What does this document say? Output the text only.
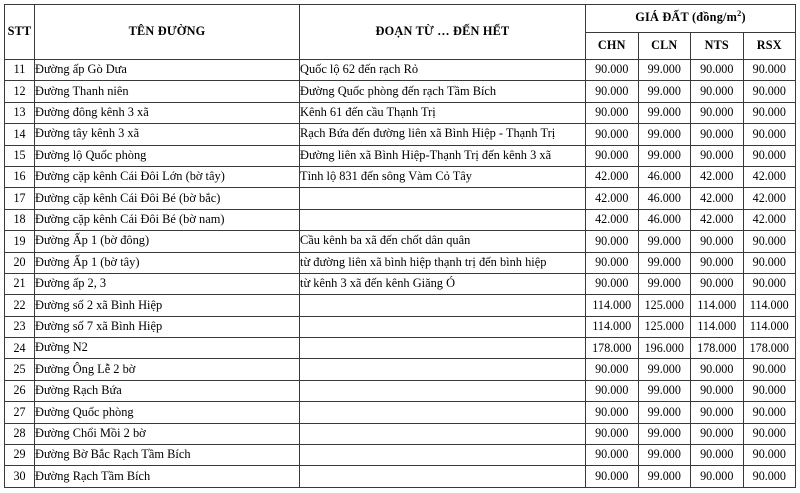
STT	TÊN ĐƯỜNG	ĐOẠN TỪ … ĐẾN HẾT	GIÁ ĐẤT $(đồng/m^2)$			
			CHN	CLN	NTS	RSX
11	Đường ấp Gò Dưa	Quốc lộ 62 đến rạch Rỏ	90.000	99.000	90.000	90.000
12	Đường Thanh niên	Đường Quốc phòng đến rạch Tầm Bích	90.000	99.000	90.000	90.000
13	Đường đông kênh 3 xã	Kênh 61 đến cầu Thạnh Trị	90.000	99.000	90.000	90.000
14	Đường tây kênh 3 xã	Rạch Bứa đến đường liên xã Bình Hiệp - Thạnh Trị	90.000	99.000	90.000	90.000
15	Đường lộ Quốc phòng	Đường liên xã Bình Hiệp-Thạnh Trị đến kênh 3 xã	90.000	99.000	90.000	90.000
16	Đường cặp kênh Cái Đôi Lớn (bờ tây)	Tỉnh lộ 831 đến sông Vàm Cỏ Tây	42.000	46.000	42.000	42.000
17	Đường cặp kênh Cái Đôi Bé (bờ bắc)		42.000	46.000	42.000	42.000
18	Đường cặp kênh Cái Đôi Bé (bờ nam)		42.000	46.000	42.000	42.000
19	Đường Ấp 1 (bờ đông)	Cầu kênh ba xã đến chốt dân quân	90.000	99.000	90.000	90.000
20	Đường Ấp 1 (bờ tây)	từ đường liên xã bình hiệp thạnh trị đến bình hiệp	90.000	99.000	90.000	90.000
21	Đường ấp 2, 3	từ kênh 3 xã đến kênh Giăng Ó	90.000	99.000	90.000	90.000
22	Đường số 2 xã Bình Hiệp		114.000	125.000	114.000	114.000
23	Đường số 7 xã Bình Hiệp		114.000	125.000	114.000	114.000
24	Đường N2		178.000	196.000	178.000	178.000
25	Đường Ông Lễ 2 bờ		90.000	99.000	90.000	90.000
26	Đường Rạch Bứa		90.000	99.000	90.000	90.000
27	Đường Quốc phòng		90.000	99.000	90.000	90.000
28	Đường Chổi Mồi 2 bờ		90.000	99.000	90.000	90.000
29	Đường Bờ Bắc Rạch Tầm Bích		90.000	99.000	90.000	90.000
30	Đường Rạch Tầm Bích		90.000	99.000	90.000	90.000
